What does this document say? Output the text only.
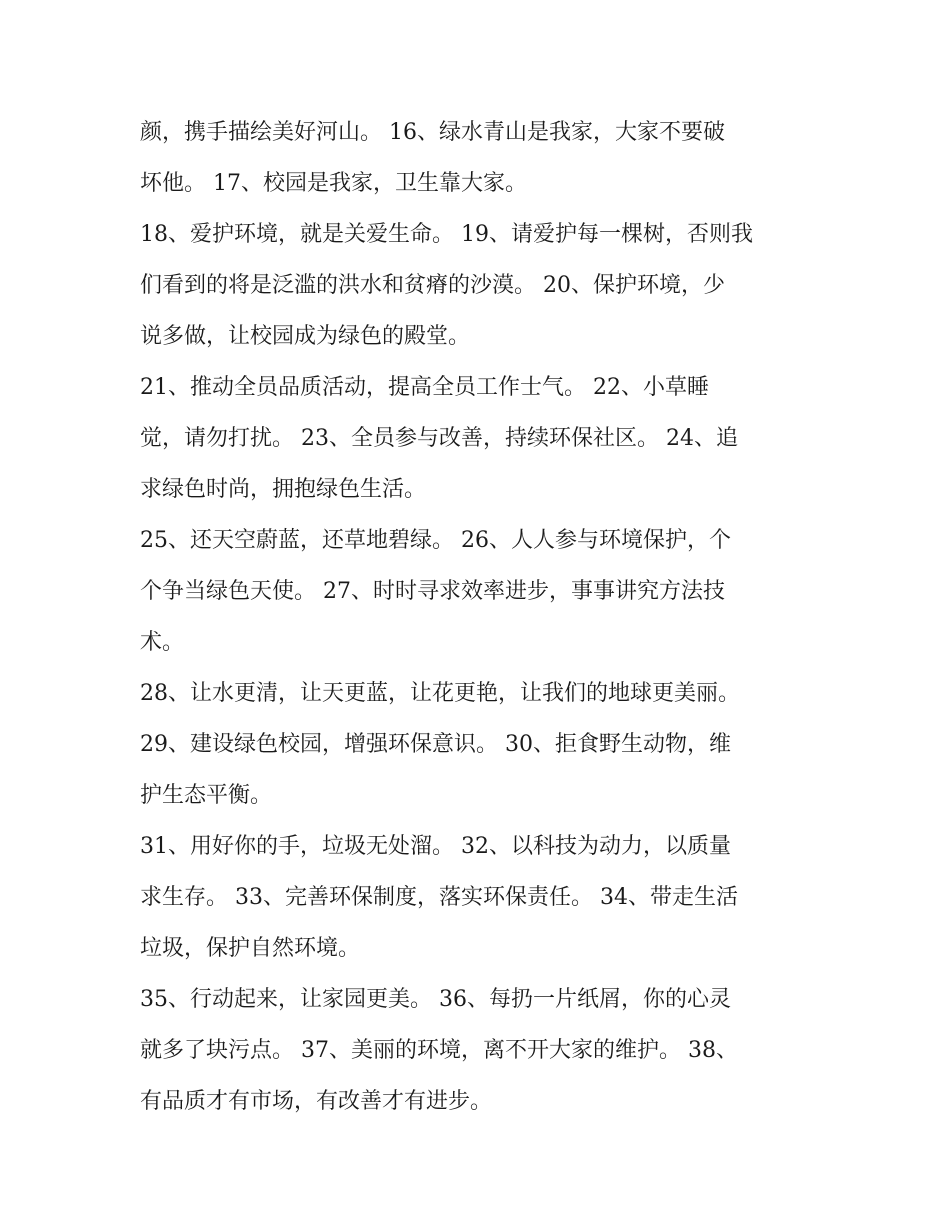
颜，携手描绘美好河山。 16、绿水青山是我家，大家不要破
坏他。 17、校园是我家，卫生靠大家。
18、爱护环境，就是关爱生命。 19、请爱护每一棵树，否则我
们看到的将是泛滥的洪水和贫瘠的沙漠。 20、保护环境，少
说多做，让校园成为绿色的殿堂。
21、推动全员品质活动，提高全员工作士气。 22、小草睡
觉，请勿打扰。 23、全员参与改善，持续环保社区。 24、追
求绿色时尚，拥抱绿色生活。
25、还天空蔚蓝，还草地碧绿。 26、人人参与环境保护，个
个争当绿色天使。 27、时时寻求效率进步，事事讲究方法技
术。
28、让水更清，让天更蓝，让花更艳，让我们的地球更美丽。
29、建设绿色校园，增强环保意识。 30、拒食野生动物，维
护生态平衡。
31、用好你的手，垃圾无处溜。 32、以科技为动力，以质量
求生存。 33、完善环保制度，落实环保责任。 34、带走生活
垃圾，保护自然环境。
35、行动起来，让家园更美。 36、每扔一片纸屑，你的心灵
就多了块污点。 37、美丽的环境，离不开大家的维护。 38、
有品质才有市场，有改善才有进步。
